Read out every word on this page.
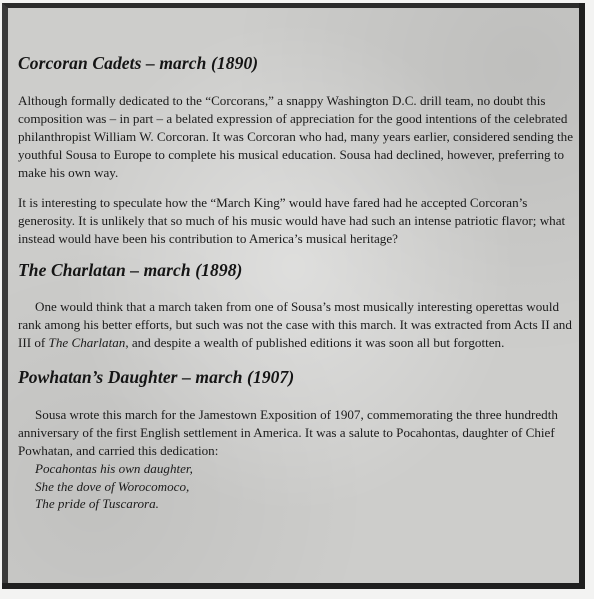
Corcoran Cadets – march (1890)

Although formally dedicated to the “Corcorans,” a snappy Washington D.C. drill team, no doubt this composition was – in part – a belated expression of appreciation for the good intentions of the celebrated philanthropist William W. Corcoran. It was Corcoran who had, many years earlier, considered sending the youthful Sousa to Europe to complete his musical education. Sousa had declined, however, preferring to make his own way.

It is interesting to speculate how the “March King” would have fared had he accepted Corcoran’s generosity. It is unlikely that so much of his music would have had such an intense patriotic flavor; what instead would have been his contribution to America’s musical heritage?

The Charlatan – march (1898)

One would think that a march taken from one of Sousa’s most musically interesting operettas would rank among his better efforts, but such was not the case with this march. It was extracted from Acts II and III of The Charlatan, and despite a wealth of published editions it was soon all but forgotten.

Powhatan’s Daughter – march (1907)

Sousa wrote this march for the Jamestown Exposition of 1907, commemorating the three hundredth anniversary of the first English settlement in America. It was a salute to Pocahontas, daughter of Chief Powhatan, and carried this dedication:

Pocahontas his own daughter,
She the dove of Worocomoco,
The pride of Tuscarora.
